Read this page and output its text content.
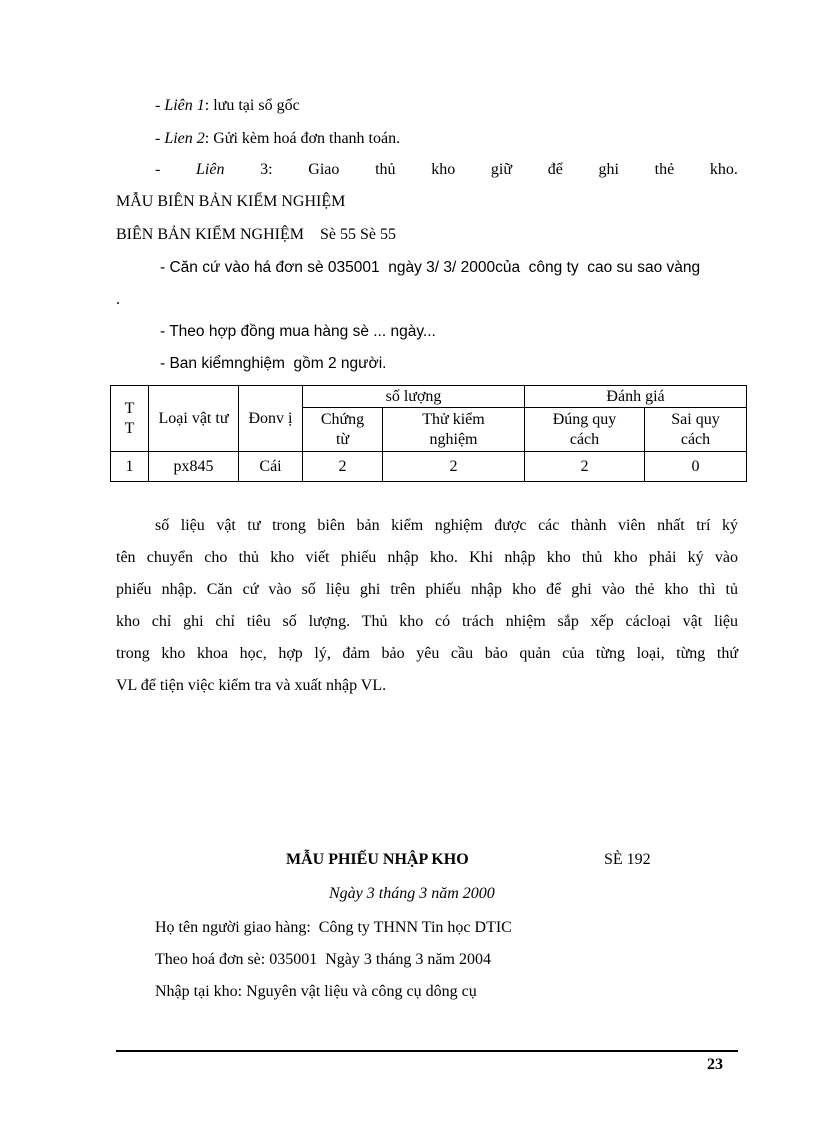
- Liên 1: lưu tại sổ gốc
- Lien 2: Gửi kèm hoá đơn thanh toán.
- Liên 3: Giao thủ kho giữ để ghi thẻ kho.
MẪU BIÊN BẢN KIỂM NGHIỆM
BIÊN BẢN KIỂM NGHIỆM    Sè 55 Sè 55
- Căn cứ vào há đơn sè 035001  ngày 3/ 3/ 2000của  công ty  cao su sao vàng
.
- Theo hợp đồng mua hàng sè ... ngày...
- Ban kiểmnghiệm  gồm 2 người.
T T	Loại vật tư	Đonv ị	số lượng		Đánh giá	
			Chứng từ	Thử kiểm nghiệm	Đúng quy cách	Sai quy cách
1	px845	Cái	2	2	2	0
số liệu vật tư trong biên bản kiểm nghiệm được các thành viên nhất trí ký
tên chuyển cho thủ kho viết phiếu nhập kho. Khi nhập kho thủ kho phải ký vào
phiếu nhập. Căn cứ vào số liệu ghi trên phiếu nhập kho để ghi vào thẻ kho thì tủ
kho chỉ ghi chỉ tiêu số lượng. Thủ kho có trách nhiệm sắp xếp cácloại vật liệu
trong kho khoa học, hợp lý, đảm bảo yêu cầu bảo quản của từng loại, từng thứ
VL để tiện việc kiểm tra và xuất nhập VL.
MẪU PHIẾU NHẬP KHO	SÈ 192
Ngày 3 tháng 3 năm 2000
Họ tên người giao hàng:  Công ty THNN Tin học DTIC
Theo hoá đơn sè: 035001  Ngày 3 tháng 3 năm 2004
Nhập tại kho: Nguyên vật liệu và công cụ dông cụ
23
